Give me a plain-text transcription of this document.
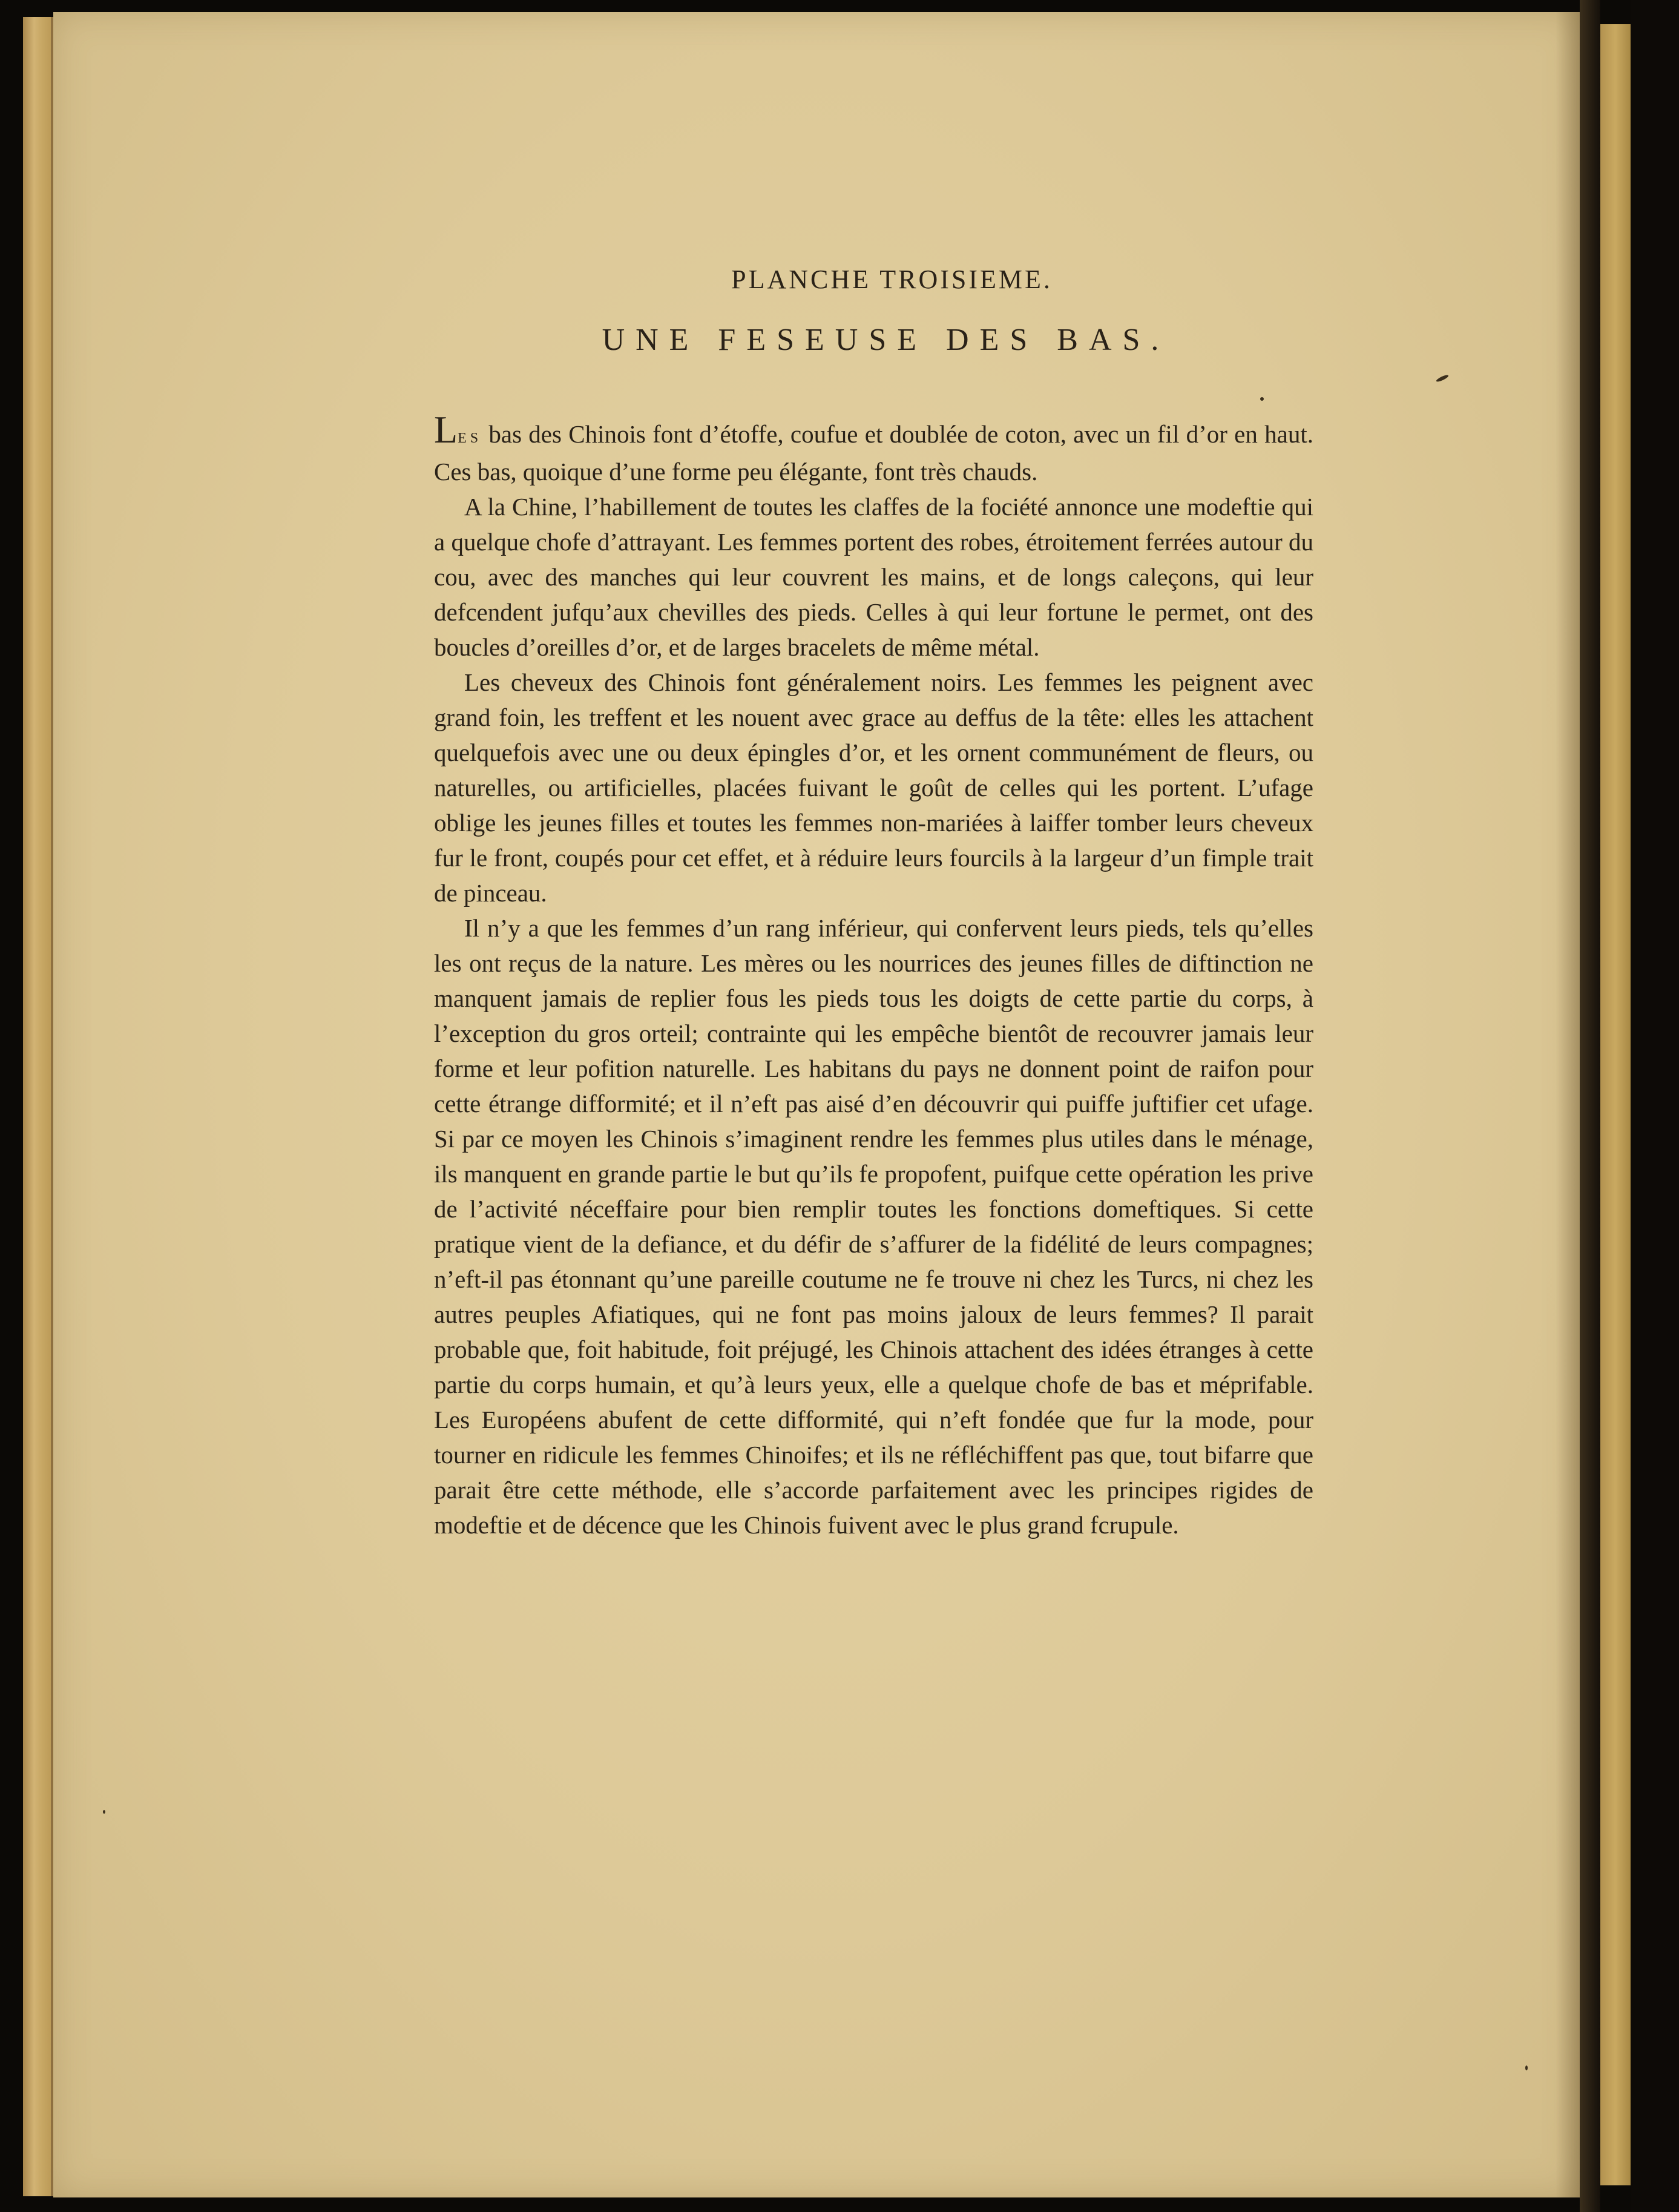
PLANCHE TROISIEME.
UNE FESEUSE DES BAS.

Les bas des Chinois font d’étoffe, coufue et doublée de coton, avec un fil d’or en haut. Ces bas, quoique d’une forme peu élégante, font très chauds.

A la Chine, l’habillement de toutes les claffes de la fociété annonce une modeftie qui a quelque chofe d’attrayant. Les femmes portent des robes, étroitement ferrées autour du cou, avec des manches qui leur couvrent les mains, et de longs caleçons, qui leur defcendent jufqu’aux chevilles des pieds. Celles à qui leur fortune le permet, ont des boucles d’oreilles d’or, et de larges bracelets de même métal.

Les cheveux des Chinois font généralement noirs. Les femmes les peignent avec grand foin, les treffent et les nouent avec grace au deffus de la tête: elles les attachent quelquefois avec une ou deux épingles d’or, et les ornent communément de fleurs, ou naturelles, ou artificielles, placées fuivant le goût de celles qui les portent. L’ufage oblige les jeunes filles et toutes les femmes non-mariées à laiffer tomber leurs cheveux fur le front, coupés pour cet effet, et à réduire leurs fourcils à la largeur d’un fimple trait de pinceau.

Il n’y a que les femmes d’un rang inférieur, qui confervent leurs pieds, tels qu’elles les ont reçus de la nature. Les mères ou les nourrices des jeunes filles de diftinction ne manquent jamais de replier fous les pieds tous les doigts de cette partie du corps, à l’exception du gros orteil; contrainte qui les empêche bientôt de recouvrer jamais leur forme et leur pofition naturelle. Les habitans du pays ne donnent point de raifon pour cette étrange difformité; et il n’eft pas aisé d’en découvrir qui puiffe juftifier cet ufage. Si par ce moyen les Chinois s’imaginent rendre les femmes plus utiles dans le ménage, ils manquent en grande partie le but qu’ils fe propofent, puifque cette opération les prive de l’activité néceffaire pour bien remplir toutes les fonctions domeftiques. Si cette pratique vient de la defiance, et du défir de s’affurer de la fidélité de leurs compagnes; n’eft-il pas étonnant qu’une pareille coutume ne fe trouve ni chez les Turcs, ni chez les autres peuples Afiatiques, qui ne font pas moins jaloux de leurs femmes? Il parait probable que, foit habitude, foit préjugé, les Chinois attachent des idées étranges à cette partie du corps humain, et qu’à leurs yeux, elle a quelque chofe de bas et méprifable. Les Européens abufent de cette difformité, qui n’eft fondée que fur la mode, pour tourner en ridicule les femmes Chinoifes; et ils ne réfléchiffent pas que, tout bifarre que parait être cette méthode, elle s’accorde parfaitement avec les principes rigides de modeftie et de décence que les Chinois fuivent avec le plus grand fcrupule.
